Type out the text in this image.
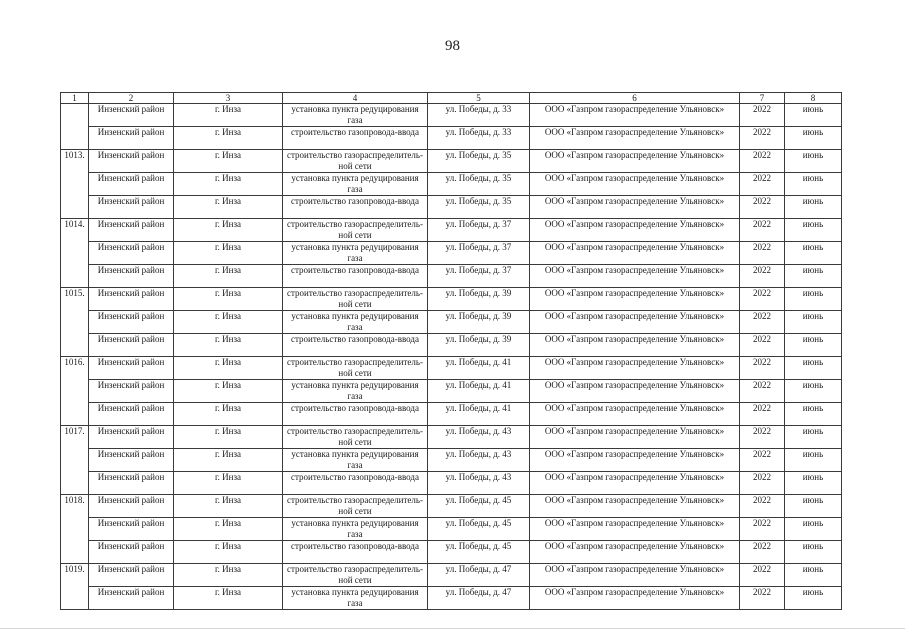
98
1	2	3	4	5	6	7	8
	Инзенский район	г. Инза	установка пункта редуцирования газа	ул. Победы, д. 33	ООО «Газпром газораспределение Ульяновск»	2022	июнь
	Инзенский район	г. Инза	строительство газопровода-ввода	ул. Победы, д. 33	ООО «Газпром газораспределение Ульяновск»	2022	июнь
1013.	Инзенский район	г. Инза	строительство газораспределитель-ной сети	ул. Победы, д. 35	ООО «Газпром газораспределение Ульяновск»	2022	июнь
	Инзенский район	г. Инза	установка пункта редуцирования газа	ул. Победы, д. 35	ООО «Газпром газораспределение Ульяновск»	2022	июнь
	Инзенский район	г. Инза	строительство газопровода-ввода	ул. Победы, д. 35	ООО «Газпром газораспределение Ульяновск»	2022	июнь
1014.	Инзенский район	г. Инза	строительство газораспределитель-ной сети	ул. Победы, д. 37	ООО «Газпром газораспределение Ульяновск»	2022	июнь
	Инзенский район	г. Инза	установка пункта редуцирования газа	ул. Победы, д. 37	ООО «Газпром газораспределение Ульяновск»	2022	июнь
	Инзенский район	г. Инза	строительство газопровода-ввода	ул. Победы, д. 37	ООО «Газпром газораспределение Ульяновск»	2022	июнь
1015.	Инзенский район	г. Инза	строительство газораспределитель-ной сети	ул. Победы, д. 39	ООО «Газпром газораспределение Ульяновск»	2022	июнь
	Инзенский район	г. Инза	установка пункта редуцирования газа	ул. Победы, д. 39	ООО «Газпром газораспределение Ульяновск»	2022	июнь
	Инзенский район	г. Инза	строительство газопровода-ввода	ул. Победы, д. 39	ООО «Газпром газораспределение Ульяновск»	2022	июнь
1016.	Инзенский район	г. Инза	строительство газораспределитель-ной сети	ул. Победы, д. 41	ООО «Газпром газораспределение Ульяновск»	2022	июнь
	Инзенский район	г. Инза	установка пункта редуцирования газа	ул. Победы, д. 41	ООО «Газпром газораспределение Ульяновск»	2022	июнь
	Инзенский район	г. Инза	строительство газопровода-ввода	ул. Победы, д. 41	ООО «Газпром газораспределение Ульяновск»	2022	июнь
1017.	Инзенский район	г. Инза	строительство газораспределитель-ной сети	ул. Победы, д. 43	ООО «Газпром газораспределение Ульяновск»	2022	июнь
	Инзенский район	г. Инза	установка пункта редуцирования газа	ул. Победы, д. 43	ООО «Газпром газораспределение Ульяновск»	2022	июнь
	Инзенский район	г. Инза	строительство газопровода-ввода	ул. Победы, д. 43	ООО «Газпром газораспределение Ульяновск»	2022	июнь
1018.	Инзенский район	г. Инза	строительство газораспределитель-ной сети	ул. Победы, д. 45	ООО «Газпром газораспределение Ульяновск»	2022	июнь
	Инзенский район	г. Инза	установка пункта редуцирования газа	ул. Победы, д. 45	ООО «Газпром газораспределение Ульяновск»	2022	июнь
	Инзенский район	г. Инза	строительство газопровода-ввода	ул. Победы, д. 45	ООО «Газпром газораспределение Ульяновск»	2022	июнь
1019.	Инзенский район	г. Инза	строительство газораспределитель-ной сети	ул. Победы, д. 47	ООО «Газпром газораспределение Ульяновск»	2022	июнь
	Инзенский район	г. Инза	установка пункта редуцирования газа	ул. Победы, д. 47	ООО «Газпром газораспределение Ульяновск»	2022	июнь
